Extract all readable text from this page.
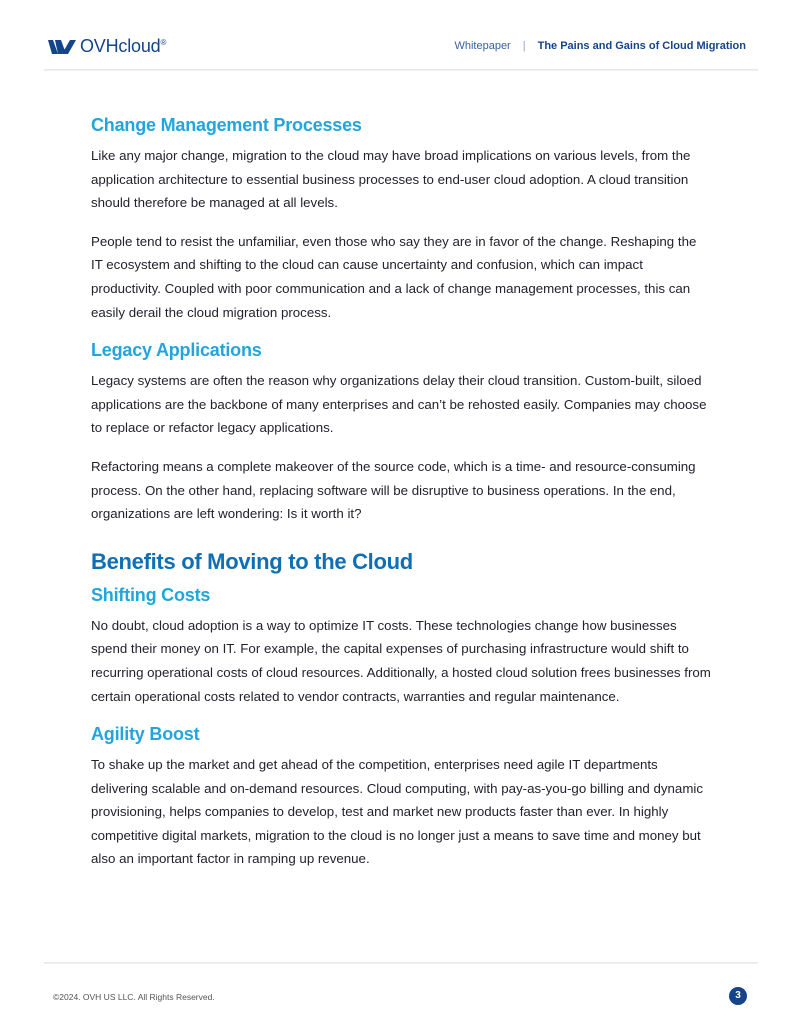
OVHcloud®	Whitepaper | The Pains and Gains of Cloud Migration
Change Management Processes

Like any major change, migration to the cloud may have broad implications on various levels, from the application architecture to essential business processes to end-user cloud adoption. A cloud transition should therefore be managed at all levels.

People tend to resist the unfamiliar, even those who say they are in favor of the change. Reshaping the IT ecosystem and shifting to the cloud can cause uncertainty and confusion, which can impact productivity. Coupled with poor communication and a lack of change management processes, this can easily derail the cloud migration process.

Legacy Applications

Legacy systems are often the reason why organizations delay their cloud transition. Custom-built, siloed applications are the backbone of many enterprises and can’t be rehosted easily. Companies may choose to replace or refactor legacy applications.

Refactoring means a complete makeover of the source code, which is a time- and resource-consuming process. On the other hand, replacing software will be disruptive to business operations. In the end, organizations are left wondering: Is it worth it?

Benefits of Moving to the Cloud
Shifting Costs

No doubt, cloud adoption is a way to optimize IT costs. These technologies change how businesses spend their money on IT. For example, the capital expenses of purchasing infrastructure would shift to recurring operational costs of cloud resources. Additionally, a hosted cloud solution frees businesses from certain operational costs related to vendor contracts, warranties and regular maintenance.

Agility Boost

To shake up the market and get ahead of the competition, enterprises need agile IT departments delivering scalable and on-demand resources. Cloud computing, with pay-as-you-go billing and dynamic provisioning, helps companies to develop, test and market new products faster than ever. In highly competitive digital markets, migration to the cloud is no longer just a means to save time and money but also an important factor in ramping up revenue.

©2024. OVH US LLC. All Rights Reserved.	3
